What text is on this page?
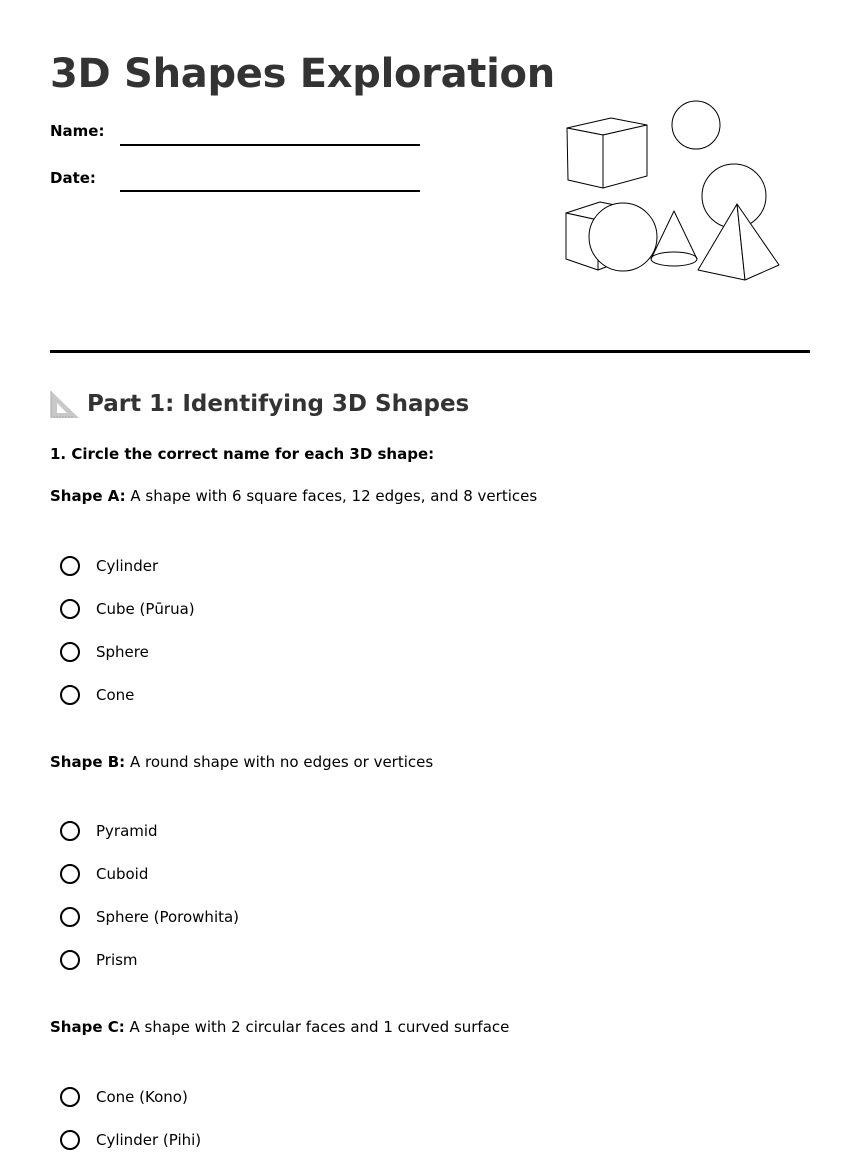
3D Shapes Exploration
Name:
Date:
Part 1: Identifying 3D Shapes
1. Circle the correct name for each 3D shape:
Shape A: A shape with 6 square faces, 12 edges, and 8 vertices
Cylinder
Cube (Pūrua)
Sphere
Cone
Shape B: A round shape with no edges or vertices
Pyramid
Cuboid
Sphere (Porowhita)
Prism
Shape C: A shape with 2 circular faces and 1 curved surface
Cone (Kono)
Cylinder (Pihi)
